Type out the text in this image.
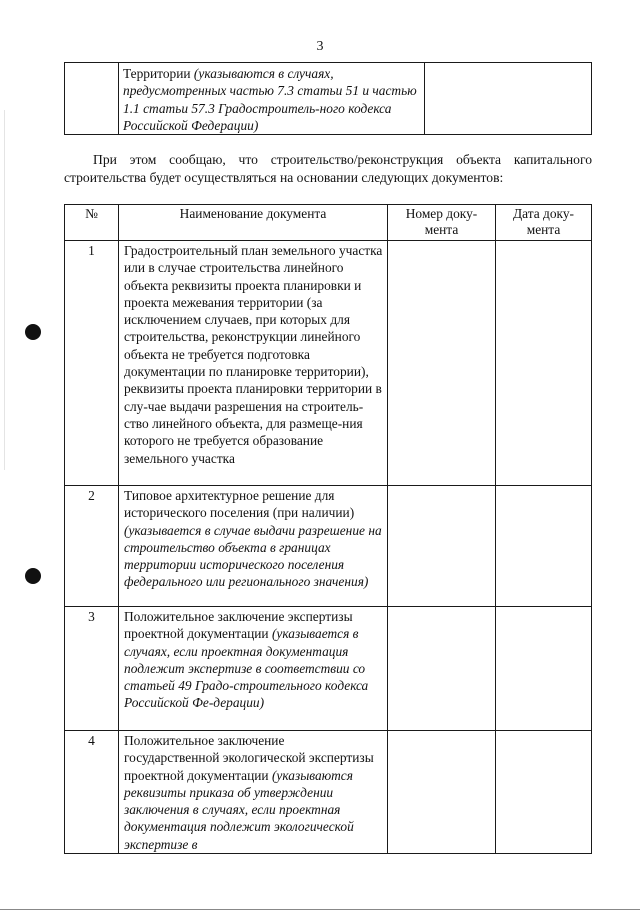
3
	Территории (указываются в случаях, предусмотренных частью 7.3 статьи 51 и частью 1.1 статьи 57.3 Градостроитель-ного кодекса Российской Федерации)	
При этом сообщаю, что строительство/реконструкция объекта капитального строительства будет осуществляться на основании следующих документов:
№	Наименование документа	Номер доку-мента	Дата доку-мента
1	Градостроительный план земельного участка или в случае строительства линейного объекта реквизиты проекта планировки и проекта межевания территории (за исключением случаев, при которых для строительства, реконструкции линейного объекта не требуется подготовка документации по планировке территории), реквизиты проекта планировки территории в слу-чае выдачи разрешения на строитель-ство линейного объекта, для размеще-ния которого не требуется образование земельного участка		
2	Типовое архитектурное решение для исторического поселения (при наличии) (указывается в случае выдачи разрешение на строительство объекта в границах территории исторического поселения федерального или регионального значения)		
3	Положительное заключение экспертизы проектной документации (указывается в случаях, если проектная документация подлежит экспертизе в соответствии со статьей 49 Градо-строительного кодекса Российской Фе-дерации)		
4	Положительное заключение государственной экологической экспертизы проектной документации (указываются реквизиты приказа об утверждении заключения в случаях, если проектная документация подлежит экологической экспертизе в		
